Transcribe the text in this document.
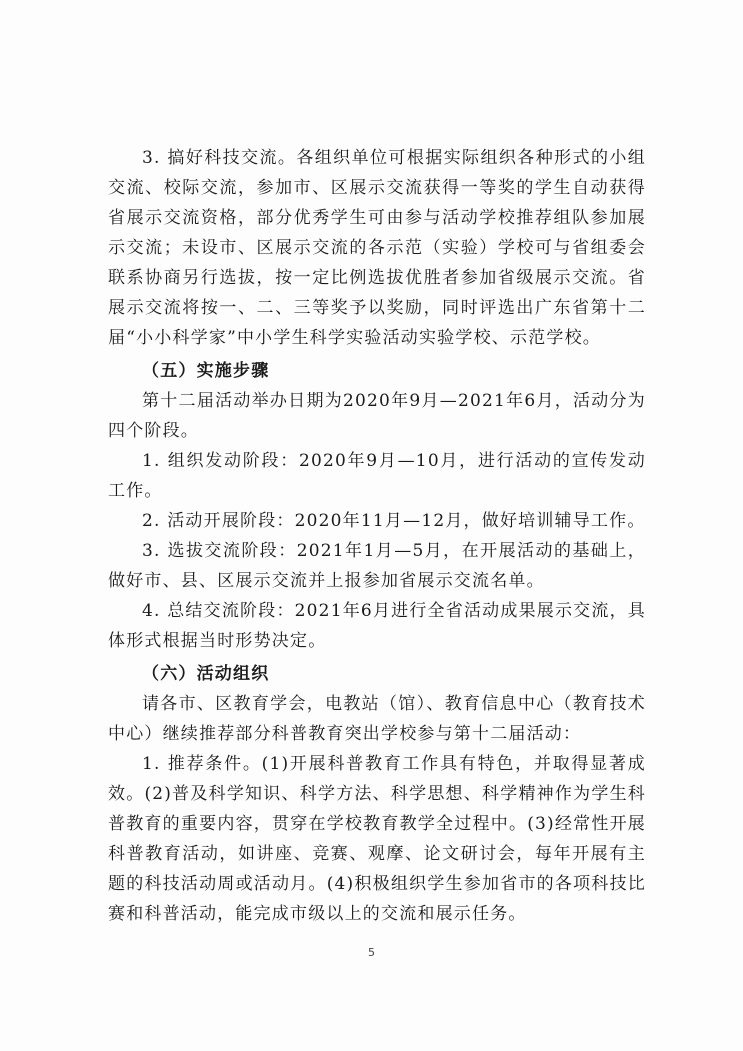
3. 搞好科技交流。各组织单位可根据实际组织各种形式的小组交流、校际交流，参加市、区展示交流获得一等奖的学生自动获得省展示交流资格，部分优秀学生可由参与活动学校推荐组队参加展示交流；未设市、区展示交流的各示范（实验）学校可与省组委会联系协商另行选拔，按一定比例选拔优胜者参加省级展示交流。省展示交流将按一、二、三等奖予以奖励，同时评选出广东省第十二届“小小科学家”中小学生科学实验活动实验学校、示范学校。

（五）实施步骤

第十二届活动举办日期为2020年9月—2021年6月，活动分为四个阶段。

1. 组织发动阶段：2020年9月—10月，进行活动的宣传发动工作。

2. 活动开展阶段：2020年11月—12月，做好培训辅导工作。

3. 选拔交流阶段：2021年1月—5月，在开展活动的基础上，做好市、县、区展示交流并上报参加省展示交流名单。

4. 总结交流阶段：2021年6月进行全省活动成果展示交流，具体形式根据当时形势决定。

（六）活动组织

请各市、区教育学会，电教站（馆）、教育信息中心（教育技术中心）继续推荐部分科普教育突出学校参与第十二届活动：

1. 推荐条件。(1)开展科普教育工作具有特色，并取得显著成效。(2)普及科学知识、科学方法、科学思想、科学精神作为学生科普教育的重要内容，贯穿在学校教育教学全过程中。(3)经常性开展科普教育活动，如讲座、竞赛、观摩、论文研讨会，每年开展有主题的科技活动周或活动月。(4)积极组织学生参加省市的各项科技比赛和科普活动，能完成市级以上的交流和展示任务。

5
